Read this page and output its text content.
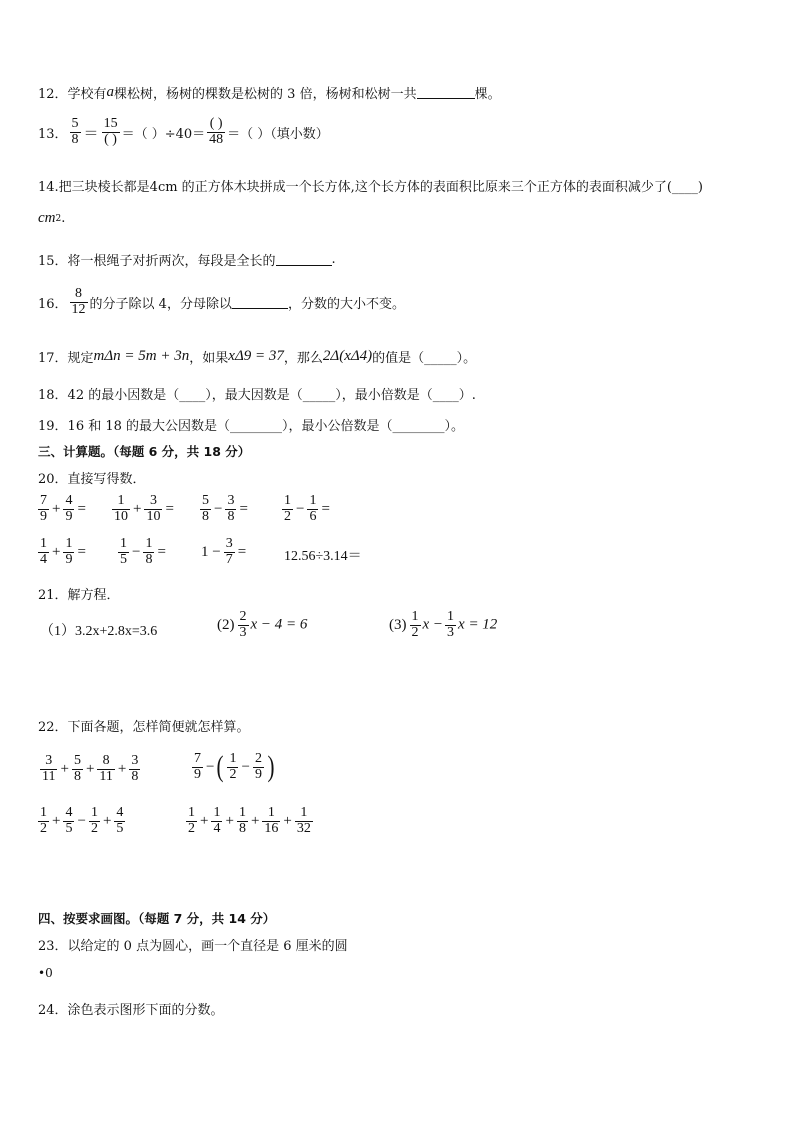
12．学校有 a 棵松树，杨树的棵数是松树的 3 倍，杨树和松树一共	棵。
13． $\frac{5}{8} = \frac{15}{( )}$ ＝（ ）$\div 40= \frac{( )}{48}$ ＝（ ）（填小数）
14.把三块棱长都是4cm 的正方体木块拼成一个长方体,这个长方体的表面积比原来三个正方体的表面积减少了(____)
cm 2 .
15．将一根绳子对折两次，每段是全长的	.
16． $\frac{8}{12}$ 的分子除以 4，分母除以	，分数的大小不变。
17．规定 mΔn = 5m + 3n ，如果 xΔ9 = 37 ，那么 2Δ(xΔ4) 的值是（_____）。
18．42 的最小因数是（____），最大因数是（_____），最小倍数是（____）.
19．16 和 18 的最大公因数是（________），最小公倍数是（________）。
三、计算题。（每题 6 分，共 18 分）
20．直接写得数．
$\frac{7}{9} + \frac{4}{9} = \frac{1}{10} + \frac{3}{10} = \frac{5}{8} - \frac{3}{8} = \frac{1}{2} - \frac{1}{6}$ =
$\frac{1}{4} + \frac{1}{9} = \frac{1}{5} - \frac{1}{8} = 1 - \frac{3}{7}$ =	12.56÷3.14＝
21．解方程．
（1）3.2x+2.8x=3.6	$(2) \frac{2}{3}$ x − 4 = 6	$(3) \frac{1}{2}$ $x - \frac{1}{3}$ x = 12
22．下面各题，怎样简便就怎样算。
$\frac{3}{11} + \frac{5}{8} + \frac{8}{11} + \frac{3}{8}$	$\frac{7}{9}$ − ( $\frac{1}{2} - \frac{2}{9}$ )
$\frac{1}{2} + \frac{4}{5} - \frac{1}{2} + \frac{4}{5}$	$\frac{1}{2} + \frac{1}{4} + \frac{1}{8} + \frac{1}{16} + \frac{1}{32}$
四、按要求画图。（每题 7 分，共 14 分）
23．以给定的 0 点为圆心，画一个直径是 6 厘米的圆
•0
24．涂色表示图形下面的分数。
